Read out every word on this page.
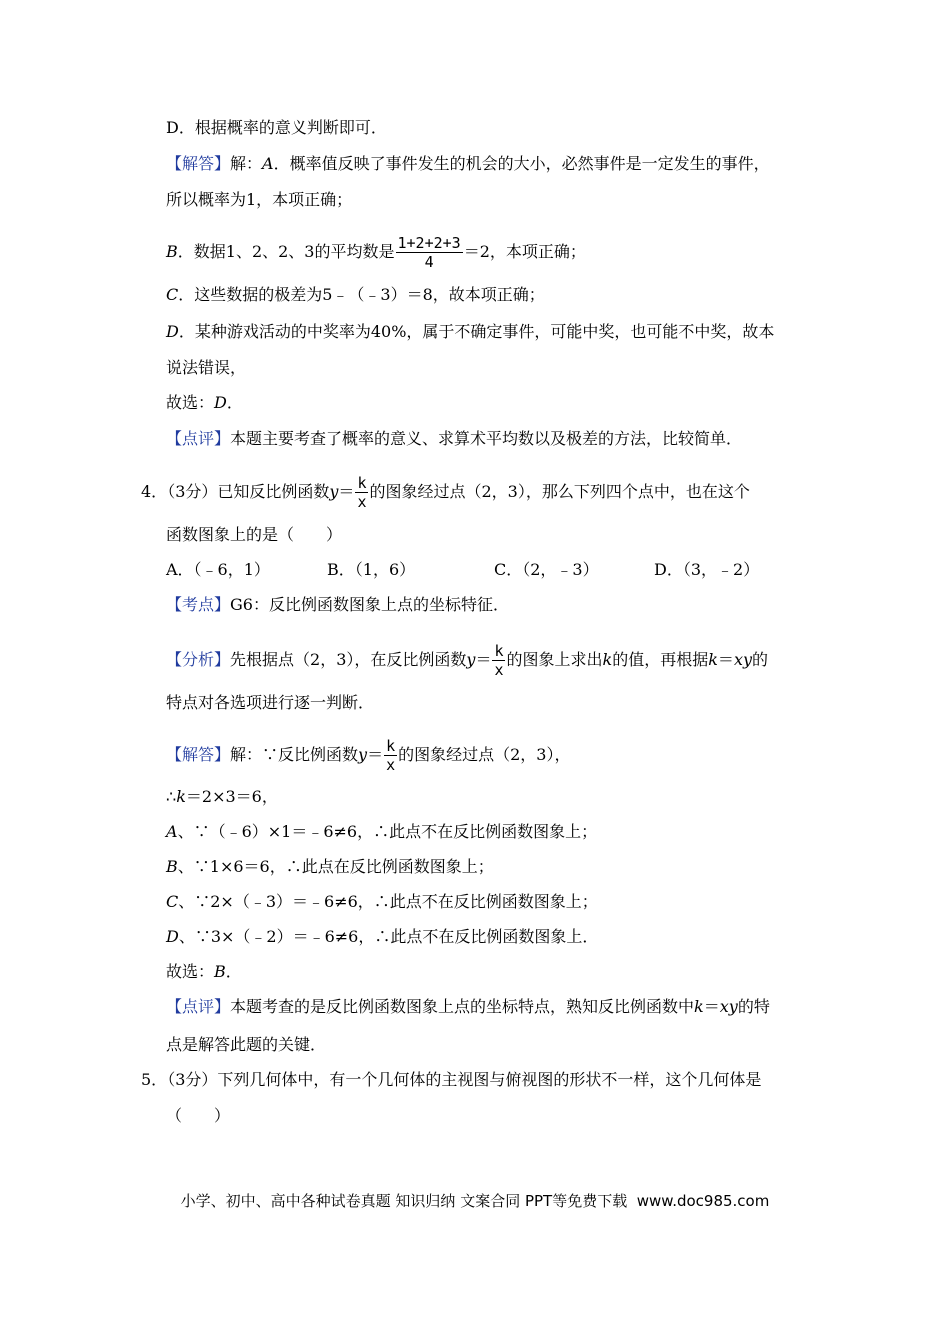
D．根据概率的意义判断即可．
【解答】解：A．概率值反映了事件发生的机会的大小，必然事件是一定发生的事件，
所以概率为1，本项正确；
B．数据1、2、2、3的平均数是 $\frac{1+2+2+3}{4} =2$，本项正确；
C．这些数据的极差为5﹣（﹣3）＝8，故本项正确；
D．某种游戏活动的中奖率为40%，属于不确定事件，可能中奖，也可能不中奖，故本
说法错误，
故选：D．
【点评】本题主要考查了概率的意义、求算术平均数以及极差的方法，比较简单．
4．（3分）已知反比例函数$y= \frac{k}{x}$ 的图象经过点（2，3），那么下列四个点中，也在这个
函数图象上的是（　　）
A．（﹣6，1）	B．（1，6）	C．（2，﹣3）	D．（3，﹣2）
【考点】G6：反比例函数图象上点的坐标特征．
【分析】先根据点（2，3），在反比例函数$y= \frac{k}{x}$ 的图象上求出k的值，再根据k＝xy的
特点对各选项进行逐一判断．
【解答】解：∵反比例函数$y= \frac{k}{x}$ 的图象经过点（2，3），
∴k＝2×3＝6，
A、∵（﹣6）×1＝﹣6≠6，∴此点不在反比例函数图象上；
B、∵1×6＝6，∴此点在反比例函数图象上；
C、∵2×（﹣3）＝﹣6≠6，∴此点不在反比例函数图象上；
D、∵3×（﹣2）＝﹣6≠6，∴此点不在反比例函数图象上．
故选：B．
【点评】本题考查的是反比例函数图象上点的坐标特点，熟知反比例函数中k＝xy的特
点是解答此题的关键．
5．（3分）下列几何体中，有一个几何体的主视图与俯视图的形状不一样，这个几何体是
（　　）
小学、初中、高中各种试卷真题 知识归纳 文案合同 PPT等免费下载 www.doc985.com
